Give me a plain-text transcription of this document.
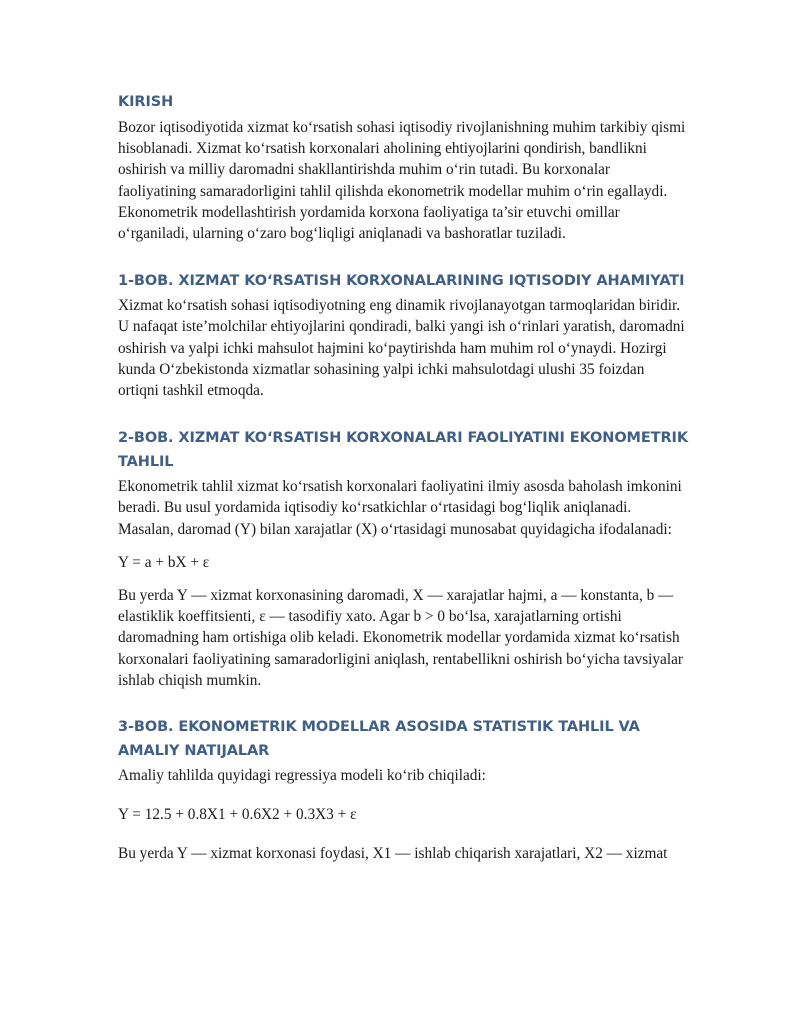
KIRISH

Bozor iqtisodiyotida xizmat ko‘rsatish sohasi iqtisodiy rivojlanishning muhim tarkibiy qismi hisoblanadi. Xizmat ko‘rsatish korxonalari aholining ehtiyojlarini qondirish, bandlikni oshirish va milliy daromadni shakllantirishda muhim o‘rin tutadi. Bu korxonalar faoliyatining samaradorligini tahlil qilishda ekonometrik modellar muhim o‘rin egallaydi. Ekonometrik modellashtirish yordamida korxona faoliyatiga ta’sir etuvchi omillar o‘rganiladi, ularning o‘zaro bog‘liqligi aniqlanadi va bashoratlar tuziladi.

1-BOB. XIZMAT KO‘RSATISH KORXONALARINING IQTISODIY AHAMIYATI

Xizmat ko‘rsatish sohasi iqtisodiyotning eng dinamik rivojlanayotgan tarmoqlaridan biridir. U nafaqat iste’molchilar ehtiyojlarini qondiradi, balki yangi ish o‘rinlari yaratish, daromadni oshirish va yalpi ichki mahsulot hajmini ko‘paytirishda ham muhim rol o‘ynaydi. Hozirgi kunda O‘zbekistonda xizmatlar sohasining yalpi ichki mahsulotdagi ulushi 35 foizdan ortiqni tashkil etmoqda.

2-BOB. XIZMAT KO‘RSATISH KORXONALARI FAOLIYATINI EKONOMETRIK TAHLIL

Ekonometrik tahlil xizmat ko‘rsatish korxonalari faoliyatini ilmiy asosda baholash imkonini beradi. Bu usul yordamida iqtisodiy ko‘rsatkichlar o‘rtasidagi bog‘liqlik aniqlanadi. Masalan, daromad (Y) bilan xarajatlar (X) o‘rtasidagi munosabat quyidagicha ifodalanadi:

Y = a + bX + ε

Bu yerda Y — xizmat korxonasining daromadi, X — xarajatlar hajmi, a — konstanta, b — elastiklik koeffitsienti, ε — tasodifiy xato. Agar b > 0 bo‘lsa, xarajatlarning ortishi daromadning ham ortishiga olib keladi. Ekonometrik modellar yordamida xizmat ko‘rsatish korxonalari faoliyatining samaradorligini aniqlash, rentabellikni oshirish bo‘yicha tavsiyalar ishlab chiqish mumkin.

3-BOB. EKONOMETRIK MODELLAR ASOSIDA STATISTIK TAHLIL VA AMALIY NATIJALAR

Amaliy tahlilda quyidagi regressiya modeli ko‘rib chiqiladi:

Y = 12.5 + 0.8X1 + 0.6X2 + 0.3X3 + ε

Bu yerda Y — xizmat korxonasi foydasi, X1 — ishlab chiqarish xarajatlari, X2 — xizmat
